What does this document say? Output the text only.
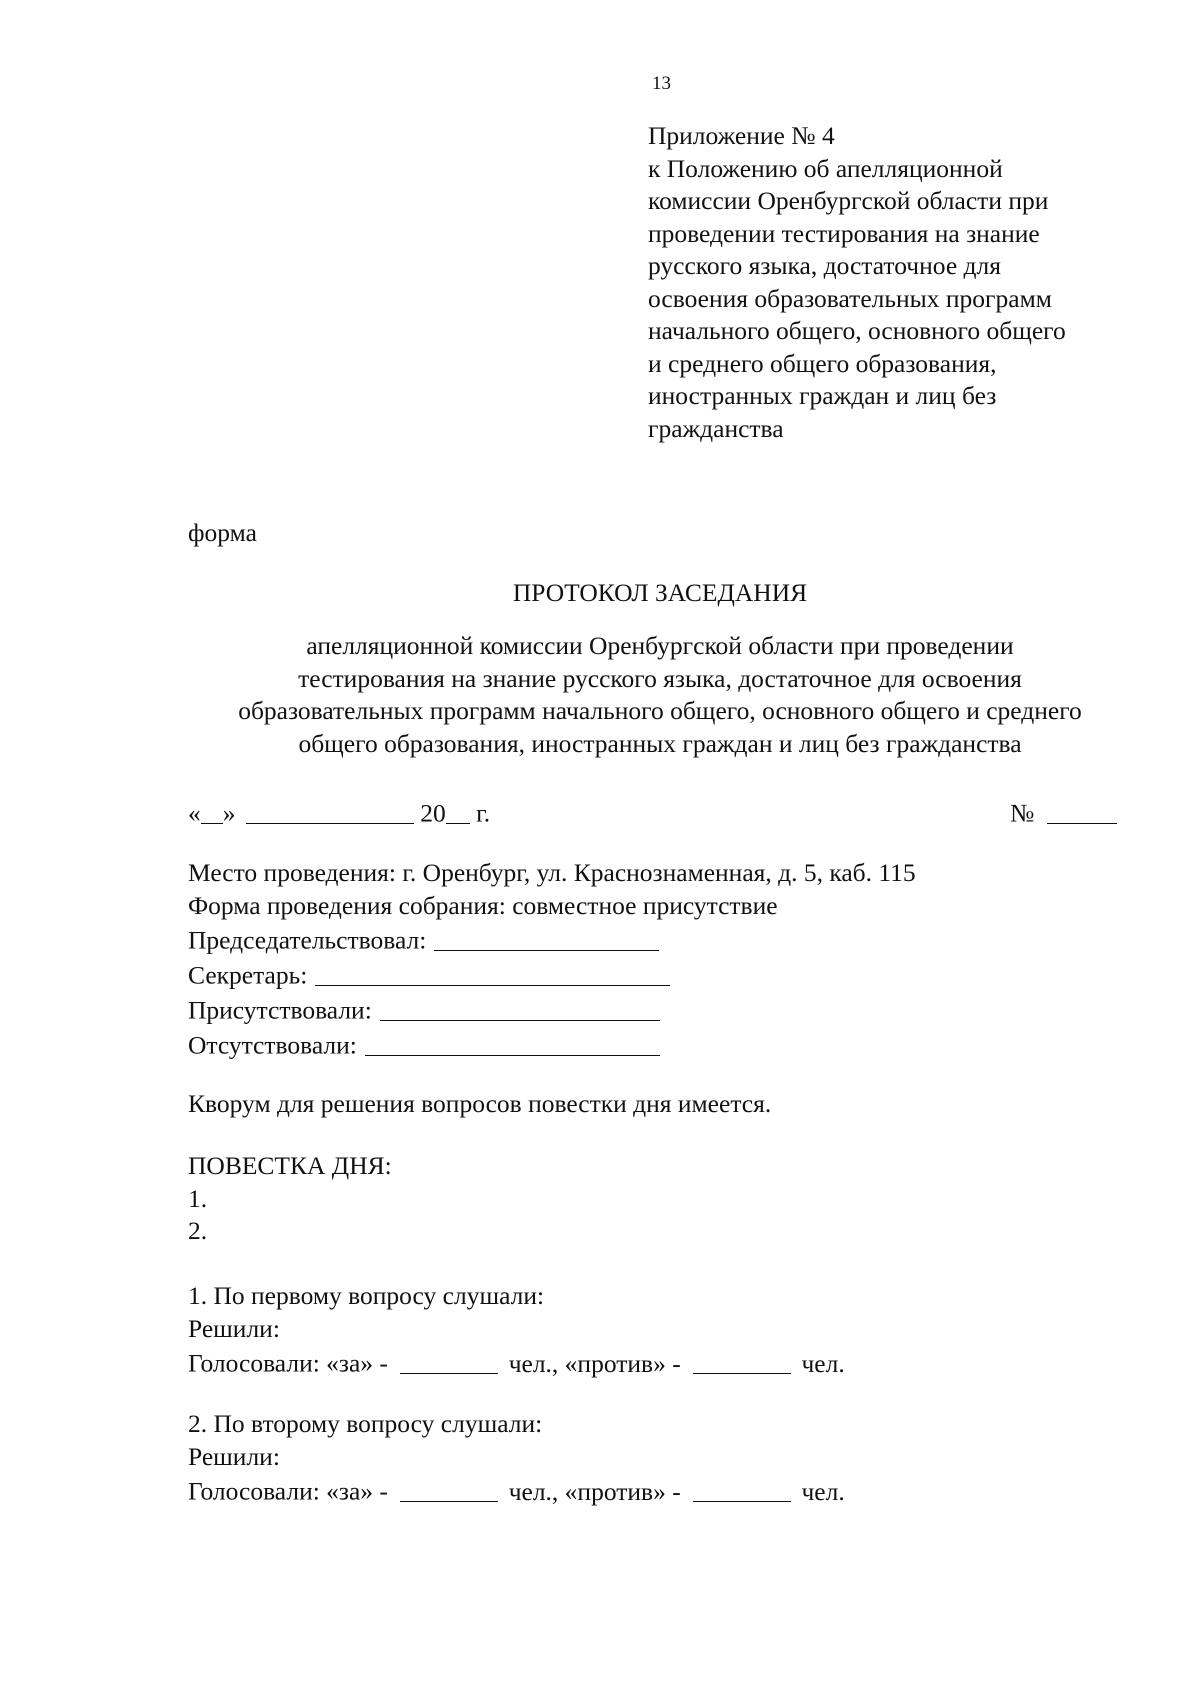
13
Приложение № 4
к Положению об апелляционной
комиссии Оренбургской области при
проведении тестирования на знание
русского языка, достаточное для
освоения образовательных программ
начального общего, основного общего
и среднего общего образования,
иностранных граждан и лиц без
гражданства
форма
ПРОТОКОЛ ЗАСЕДАНИЯ
апелляционной комиссии Оренбургской области при проведении
тестирования на знание русского языка, достаточное для освоения
образовательных программ начального общего, основного общего и среднего
общего образования, иностранных граждан и лиц без гражданства
« »	20 г.	№
Место проведения: г. Оренбург, ул. Краснознаменная, д. 5, каб. 115
Форма проведения собрания: совместное присутствие
Председательствовал:
Секретарь:
Присутствовали:
Отсутствовали:
Кворум для решения вопросов повестки дня имеется.
ПОВЕСТКА ДНЯ:
1.
2.
1. По первому вопросу слушали:
Решили:
Голосовали: «за» -	чел., «против» -	чел.
2. По второму вопросу слушали:
Решили:
Голосовали: «за» -	чел., «против» -	чел.
